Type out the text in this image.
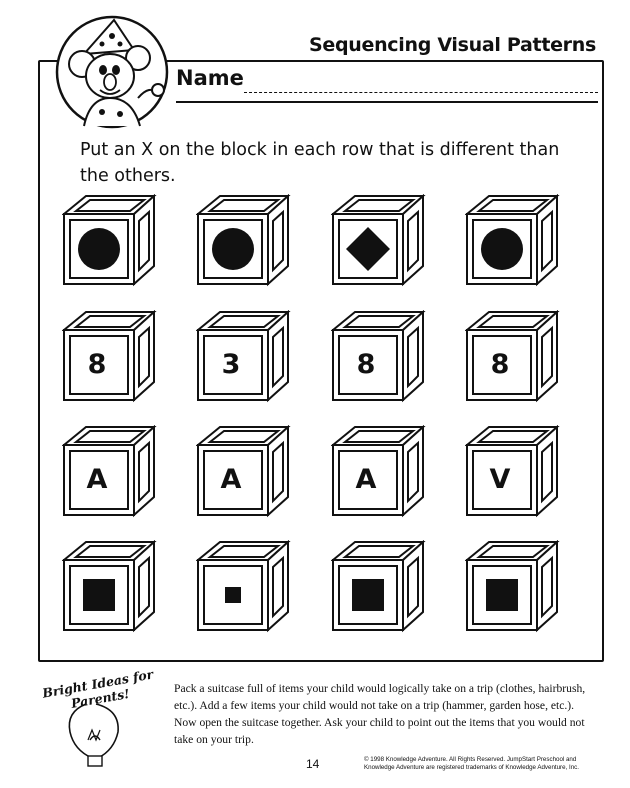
Sequencing Visual Patterns
Name
Put an X on the block in each row that is different than the others.
8	3	8	8
A	A	A	V
Bright Ideas for Parents!	Pack a suitcase full of items your child would logically take on a trip (clothes, hairbrush, etc.). Add a few items your child would not take on a trip (hammer, garden hose, etc.). Now open the suitcase together. Ask your child to point out the items that you would not take on your trip.
14	© 1998 Knowledge Adventure. All Rights Reserved. JumpStart Preschool and Knowledge Adventure are registered trademarks of Knowledge Adventure, Inc.
